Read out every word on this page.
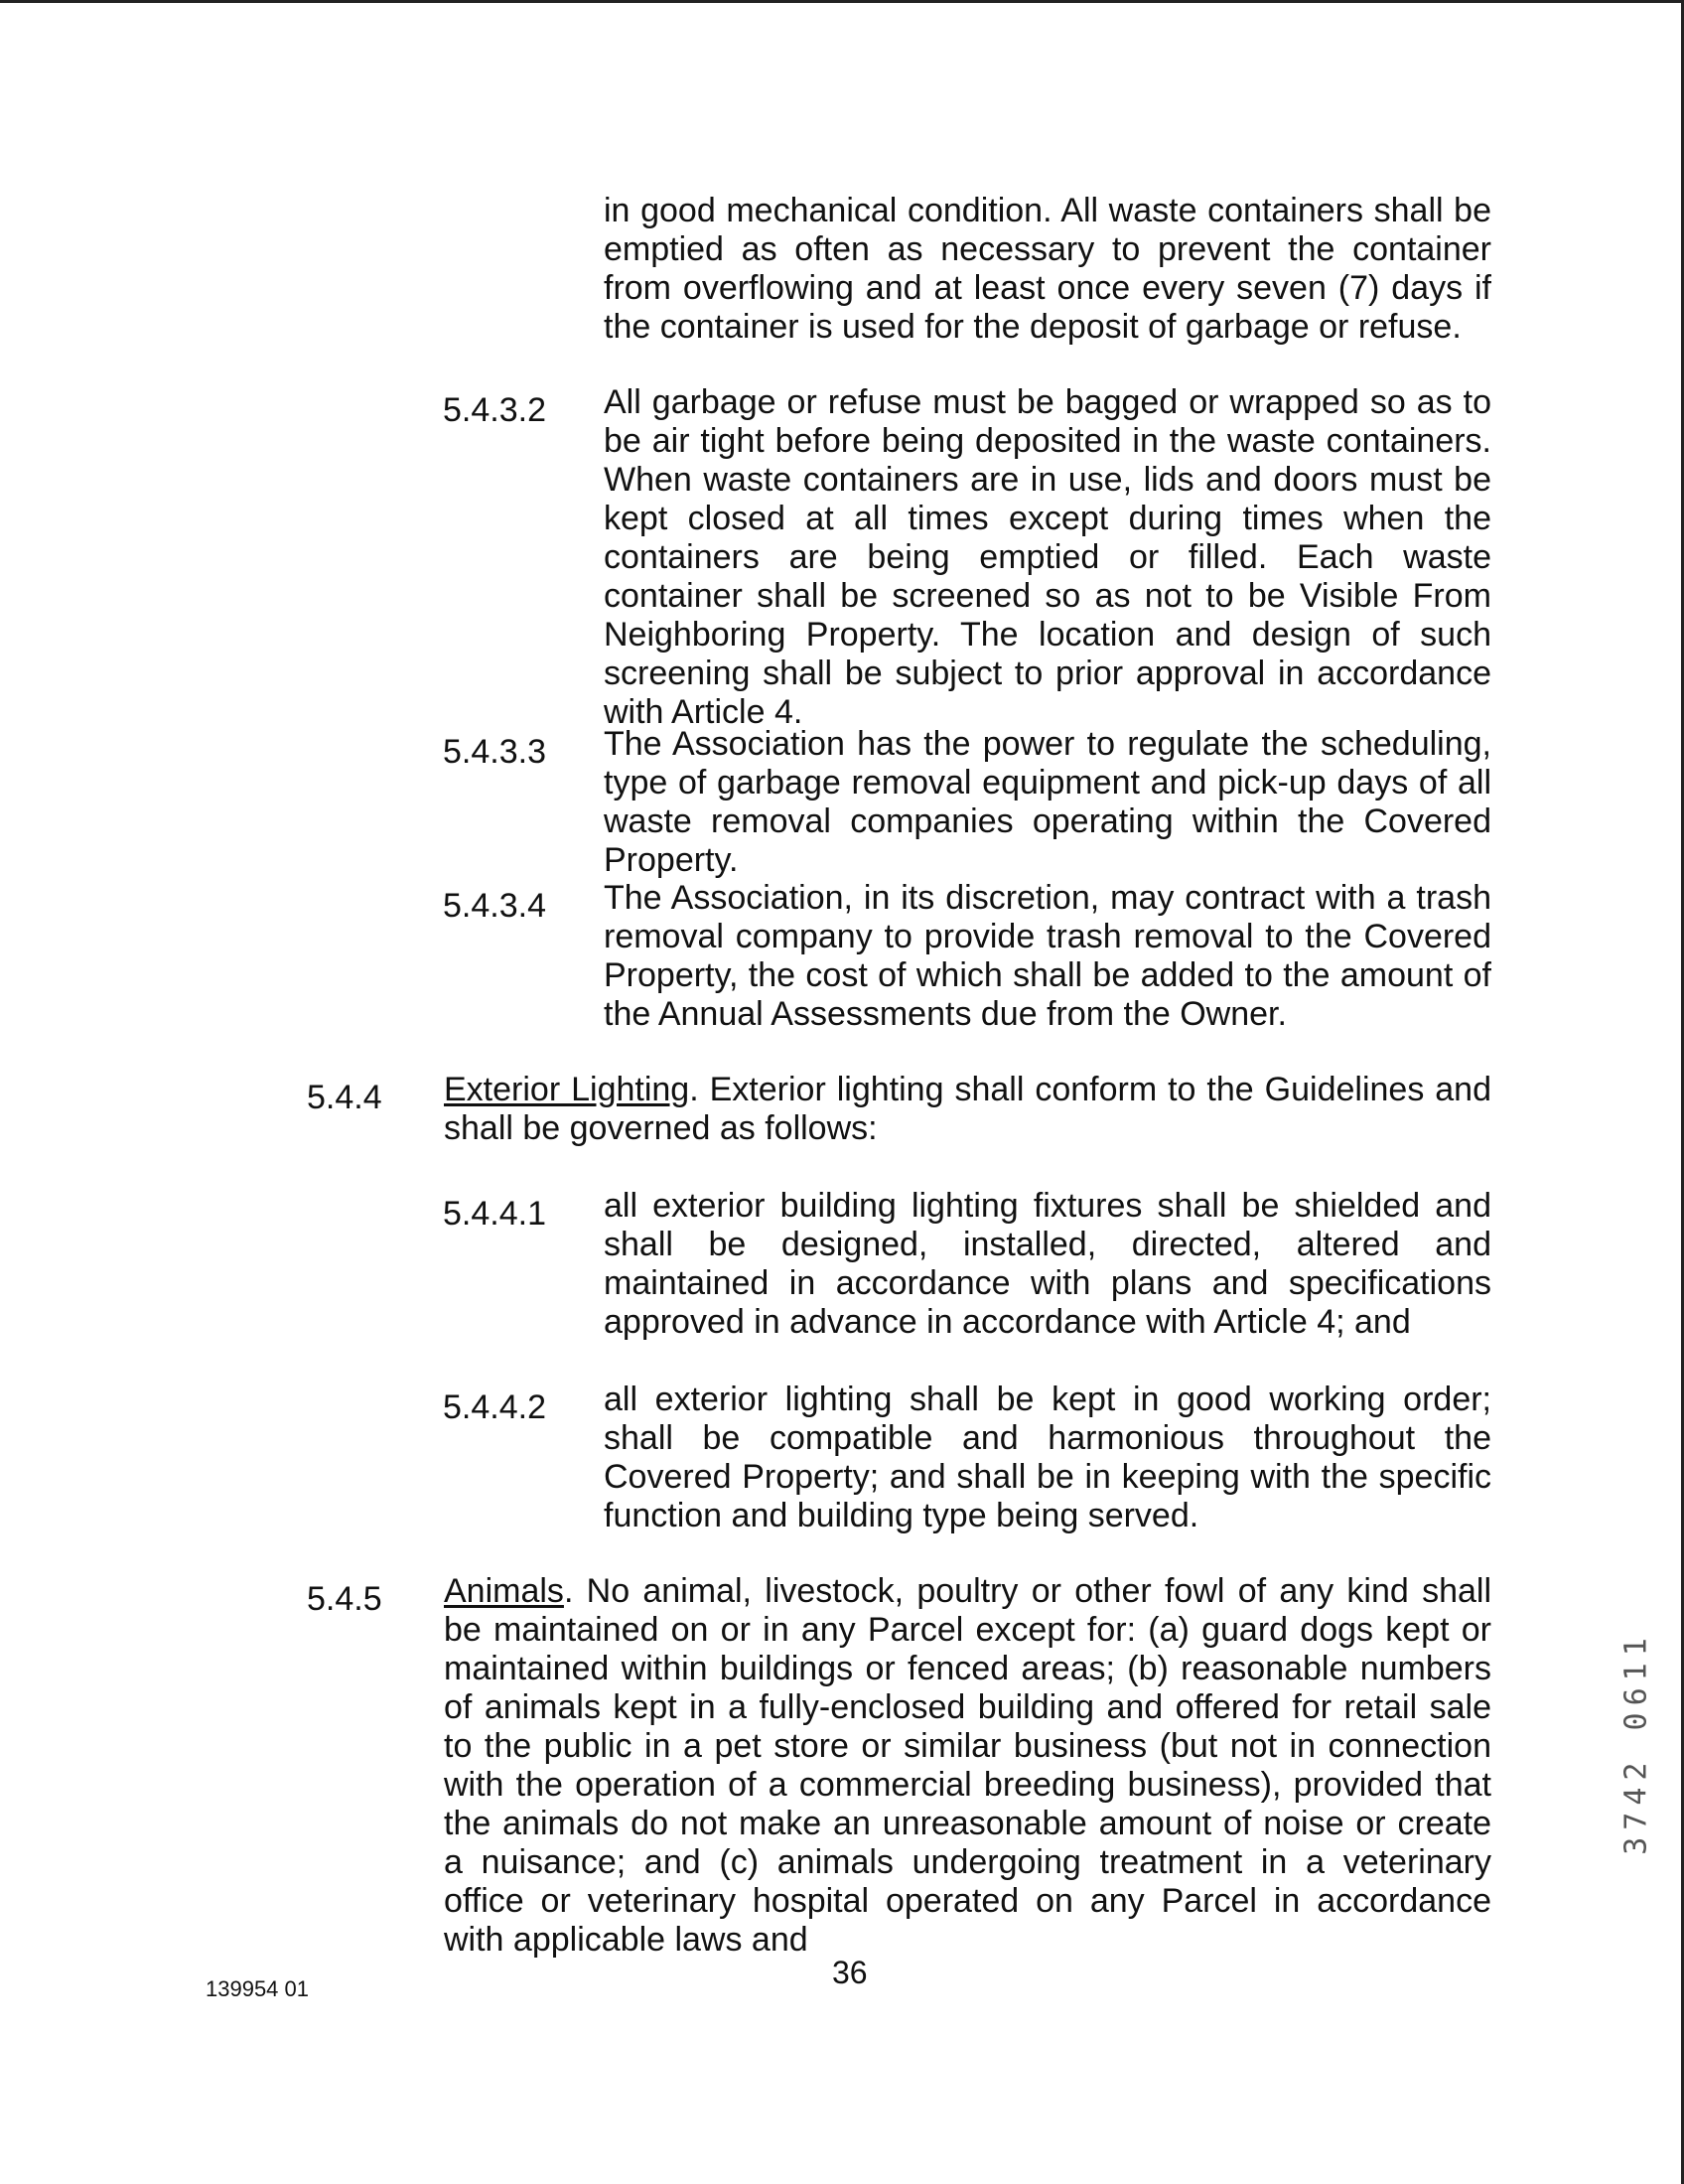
in good mechanical condition. All waste containers shall be emptied as often as necessary to prevent the container from overflowing and at least once every seven (7) days if the container is used for the deposit of garbage or refuse.
5.4.3.2 All garbage or refuse must be bagged or wrapped so as to be air tight before being deposited in the waste containers. When waste containers are in use, lids and doors must be kept closed at all times except during times when the containers are being emptied or filled. Each waste container shall be screened so as not to be Visible From Neighboring Property. The location and design of such screening shall be subject to prior approval in accordance with Article 4.
5.4.3.3 The Association has the power to regulate the scheduling, type of garbage removal equipment and pick-up days of all waste removal companies operating within the Covered Property.
5.4.3.4 The Association, in its discretion, may contract with a trash removal company to provide trash removal to the Covered Property, the cost of which shall be added to the amount of the Annual Assessments due from the Owner.
5.4.4 Exterior Lighting. Exterior lighting shall conform to the Guidelines and shall be governed as follows:
5.4.4.1 all exterior building lighting fixtures shall be shielded and shall be designed, installed, directed, altered and maintained in accordance with plans and specifications approved in advance in accordance with Article 4; and
5.4.4.2 all exterior lighting shall be kept in good working order; shall be compatible and harmonious throughout the Covered Property; and shall be in keeping with the specific function and building type being served.
5.4.5 Animals. No animal, livestock, poultry or other fowl of any kind shall be maintained on or in any Parcel except for: (a) guard dogs kept or maintained within buildings or fenced areas; (b) reasonable numbers of animals kept in a fully-enclosed building and offered for retail sale to the public in a pet store or similar business (but not in connection with the operation of a commercial breeding business), provided that the animals do not make an unreasonable amount of noise or create a nuisance; and (c) animals undergoing treatment in a veterinary office or veterinary hospital operated on any Parcel in accordance with applicable laws and
139954 01	36
3742 0611
